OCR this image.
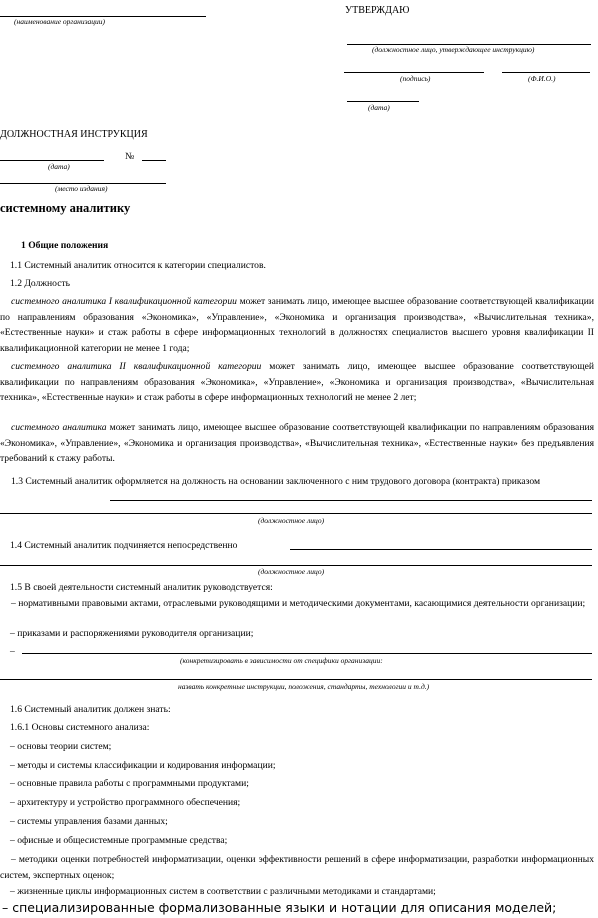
(наименование организации)
УТВЕРЖДАЮ
(должностное лицо, утверждающее инструкцию)
(подпись)	(Ф.И.О.)
(дата)
ДОЛЖНОСТНАЯ ИНСТРУКЦИЯ
№
(дата)
(место издания)
системному аналитику
1 Общие положения
1.1 Системный аналитик относится к категории специалистов.
1.2 Должность
системного аналитика I квалификационной категории может занимать лицо, имеющее высшее образование соответствующей квалификации по направлениям образования «Экономика», «Управление», «Экономика и организация производства», «Вычислительная техника», «Естественные науки» и стаж работы в сфере информационных технологий в должностях специалистов высшего уровня квалификации II квалификационной категории не менее 1 года;
системного аналитика II квалификационной категории может занимать лицо, имеющее высшее образование соответствующей квалификации по направлениям образования «Экономика», «Управление», «Экономика и организация производства», «Вычислительная техника», «Естественные науки» и стаж работы в сфере информационных технологий не менее 2 лет;
системного аналитика может занимать лицо, имеющее высшее образование соответствующей квалификации по направлениям образования «Экономика», «Управление», «Экономика и организация производства», «Вычислительная техника», «Естественные науки» без предъявления требований к стажу работы.
1.3 Системный аналитик оформляется на должность на основании заключенного с ним трудового договора (контракта) приказом
(должностное лицо)
1.4 Системный аналитик подчиняется непосредственно
(должностное лицо)
1.5 В своей деятельности системный аналитик руководствуется:
– нормативными правовыми актами, отраслевыми руководящими и методическими документами, касающимися деятельности организации;
– приказами и распоряжениями руководителя организации;
–
(конкретизировать в зависимости от специфики организации:
назвать конкретные инструкции, положения, стандарты, технологии и т.д.)
1.6 Системный аналитик должен знать:
1.6.1 Основы системного анализа:
– основы теории систем;
– методы и системы классификации и кодирования информации;
– основные правила работы с программными продуктами;
– архитектуру и устройство программного обеспечения;
– системы управления базами данных;
– офисные и общесистемные программные средства;
– методики оценки потребностей информатизации, оценки эффективности решений в сфере информатизации, разработки информационных систем, экспертных оценок;
– жизненные циклы информационных систем в соответствии с различными методиками и стандартами;
– специализированные формализованные языки и нотации для описания моделей;
